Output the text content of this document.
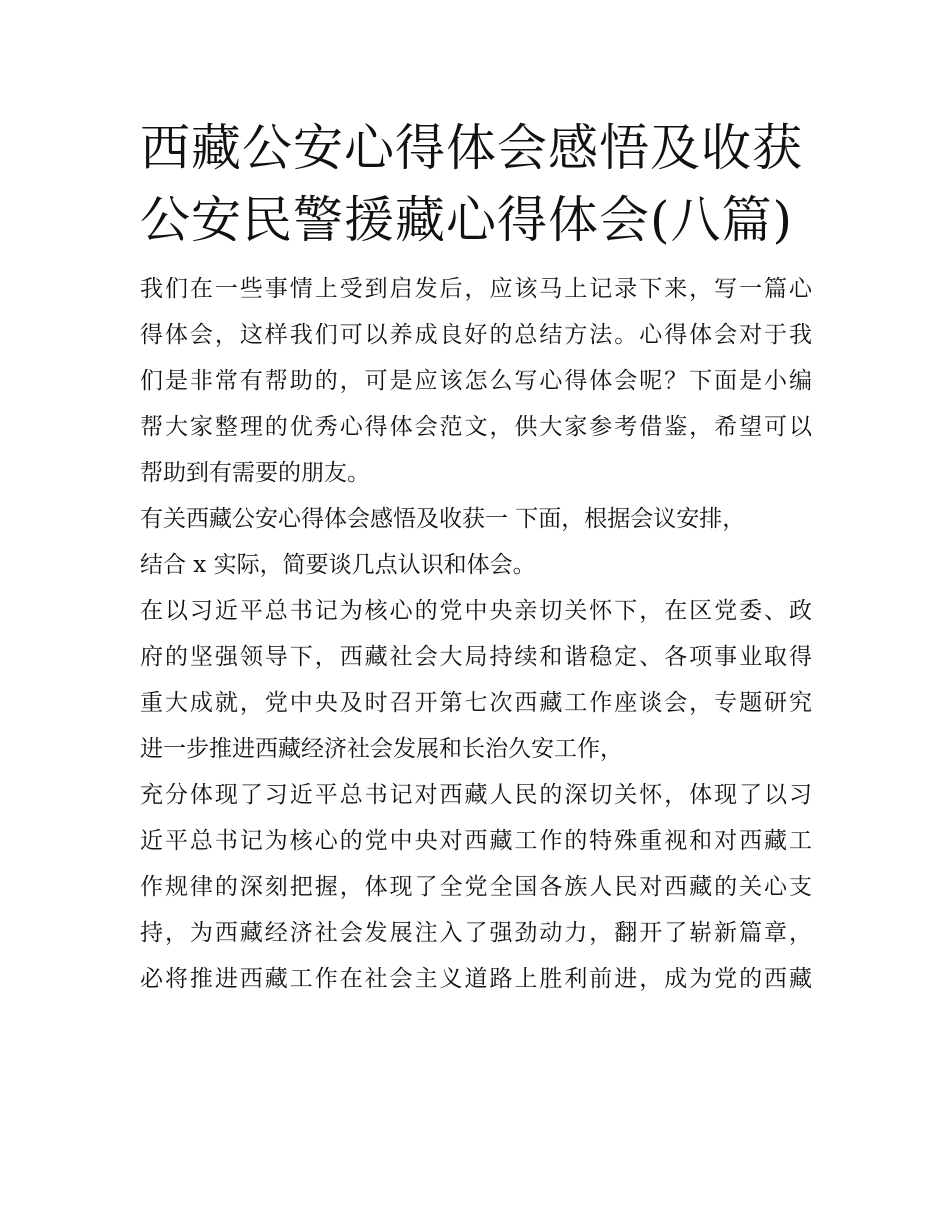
西藏公安心得体会感悟及收获
公安民警援藏心得体会(八篇)
我们在一些事情上受到启发后，应该马上记录下来，写一篇心
得体会，这样我们可以养成良好的总结方法。心得体会对于我
们是非常有帮助的，可是应该怎么写心得体会呢？下面是小编
帮大家整理的优秀心得体会范文，供大家参考借鉴，希望可以
帮助到有需要的朋友。
有关西藏公安心得体会感悟及收获一 下面，根据会议安排，
结合 x 实际，简要谈几点认识和体会。
在以习近平总书记为核心的党中央亲切关怀下，在区党委、政
府的坚强领导下，西藏社会大局持续和谐稳定、各项事业取得
重大成就，党中央及时召开第七次西藏工作座谈会，专题研究
进一步推进西藏经济社会发展和长治久安工作，
充分体现了习近平总书记对西藏人民的深切关怀，体现了以习
近平总书记为核心的党中央对西藏工作的特殊重视和对西藏工
作规律的深刻把握，体现了全党全国各族人民对西藏的关心支
持，为西藏经济社会发展注入了强劲动力，翻开了崭新篇章，
必将推进西藏工作在社会主义道路上胜利前进，成为党的西藏
